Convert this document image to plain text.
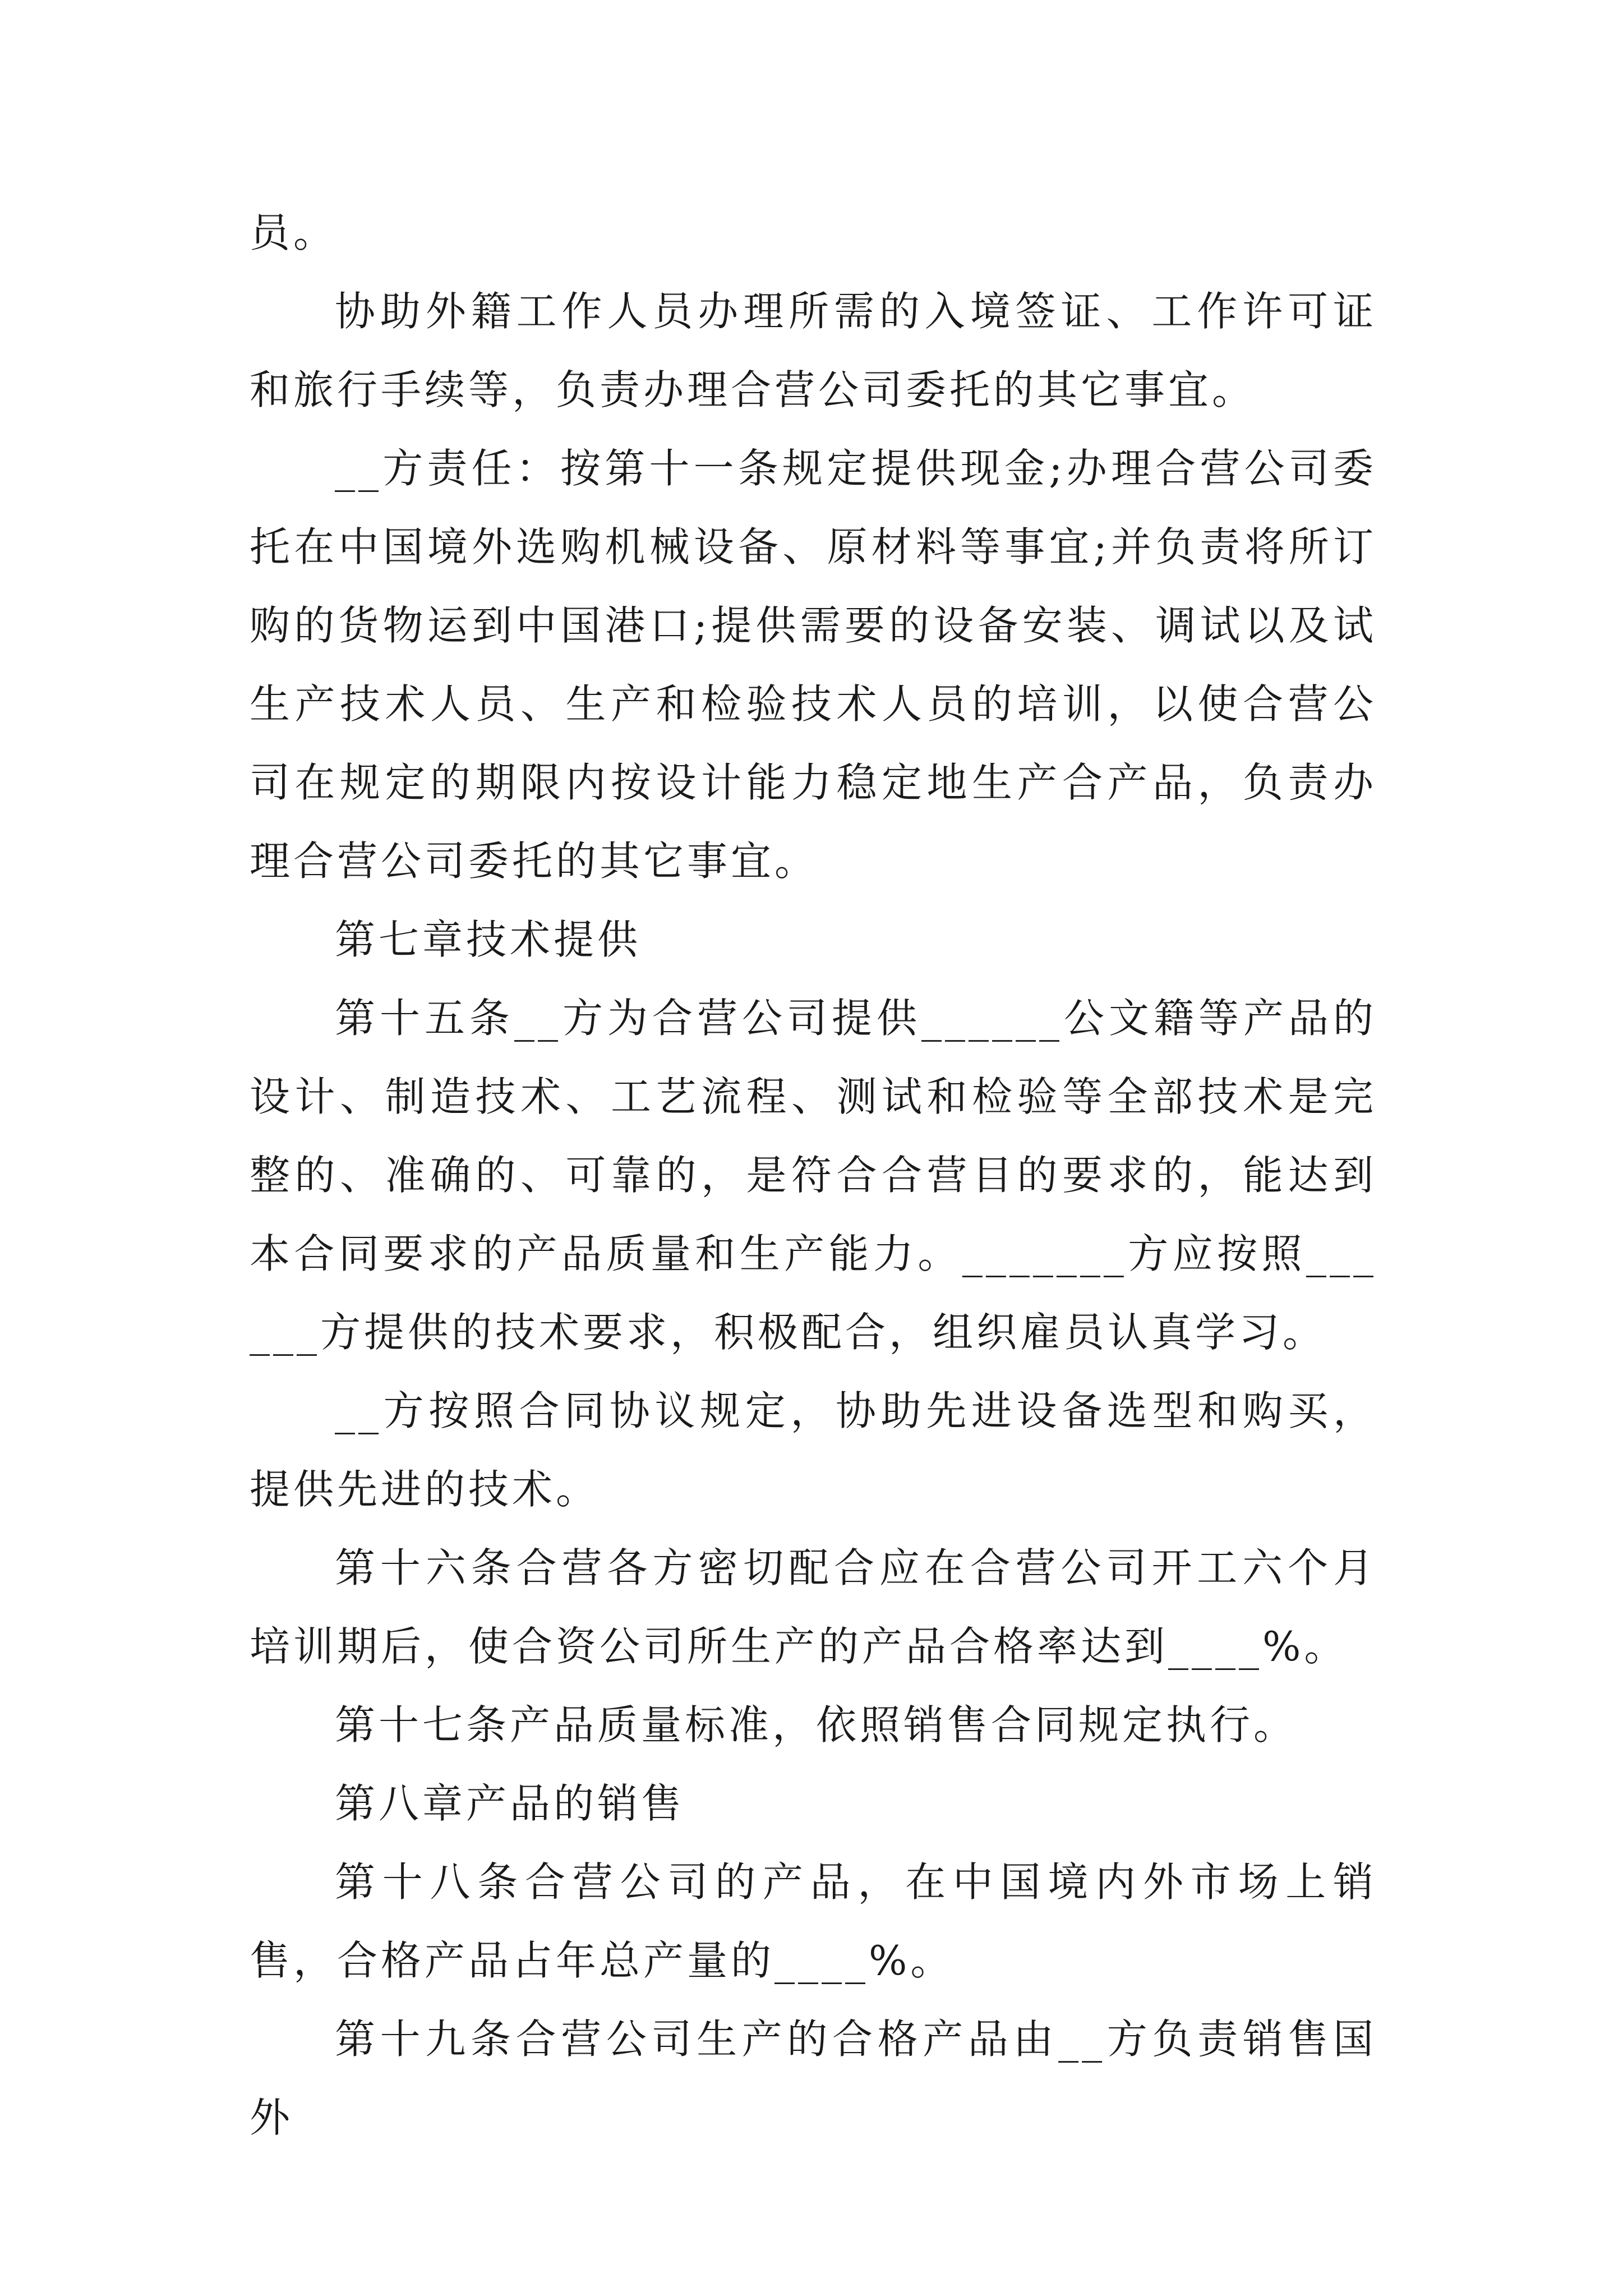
员。

协助外籍工作人员办理所需的入境签证、工作许可证和旅行手续等，负责办理合营公司委托的其它事宜。

__方责任：按第十一条规定提供现金;办理合营公司委托在中国境外选购机械设备、原材料等事宜;并负责将所订购的货物运到中国港口;提供需要的设备安装、调试以及试生产技术人员、生产和检验技术人员的培训，以使合营公司在规定的期限内按设计能力稳定地生产合产品，负责办理合营公司委托的其它事宜。

第七章技术提供

第十五条__方为合营公司提供______公文籍等产品的设计、制造技术、工艺流程、测试和检验等全部技术是完整的、准确的、可靠的，是符合合营目的要求的，能达到本合同要求的产品质量和生产能力。_______方应按照______方提供的技术要求，积极配合，组织雇员认真学习。

__方按照合同协议规定，协助先进设备选型和购买，提供先进的技术。

第十六条合营各方密切配合应在合营公司开工六个月培训期后，使合资公司所生产的产品合格率达到____%。

第十七条产品质量标准，依照销售合同规定执行。

第八章产品的销售

第十八条合营公司的产品，在中国境内外市场上销售，合格产品占年总产量的____%。

第十九条合营公司生产的合格产品由__方负责销售国外
